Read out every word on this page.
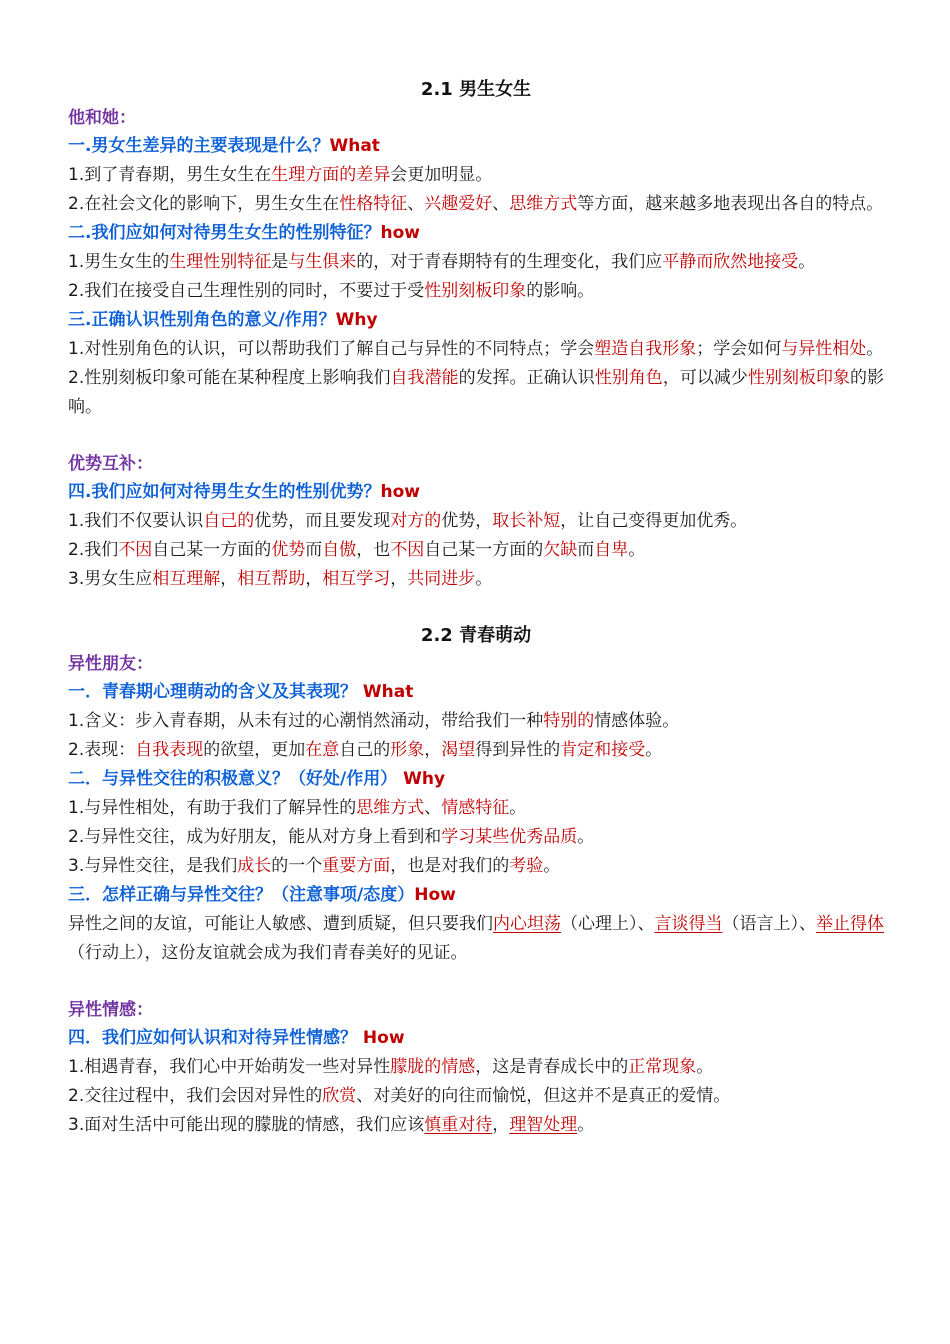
2.1 男生女生
他和她：
一.男女生差异的主要表现是什么？What
1.到了青春期，男生女生在生理方面的差异会更加明显。
2.在社会文化的影响下，男生女生在性格特征、兴趣爱好、思维方式等方面，越来越多地表现出各自的特点。
二.我们应如何对待男生女生的性别特征？how
1.男生女生的生理性别特征是与生俱来的，对于青春期特有的生理变化，我们应平静而欣然地接受。
2.我们在接受自己生理性别的同时，不要过于受性别刻板印象的影响。
三.正确认识性别角色的意义/作用？Why
1.对性别角色的认识，可以帮助我们了解自己与异性的不同特点；学会塑造自我形象；学会如何与异性相处。
2.性别刻板印象可能在某种程度上影响我们自我潜能的发挥。正确认识性别角色，可以减少性别刻板印象的影响。
优势互补：
四.我们应如何对待男生女生的性别优势？how
1.我们不仅要认识自己的优势，而且要发现对方的优势，取长补短，让自己变得更加优秀。
2.我们不因自己某一方面的优势而自傲，也不因自己某一方面的欠缺而自卑。
3.男女生应相互理解，相互帮助，相互学习，共同进步。
2.2 青春萌动
异性朋友：
一．青春期心理萌动的含义及其表现？ What
1.含义：步入青春期，从未有过的心潮悄然涌动，带给我们一种特别的情感体验。
2.表现：自我表现的欲望，更加在意自己的形象，渴望得到异性的肯定和接受。
二．与异性交往的积极意义？（好处/作用） Why
1.与异性相处，有助于我们了解异性的思维方式、情感特征。
2.与异性交往，成为好朋友，能从对方身上看到和学习某些优秀品质。
3.与异性交往，是我们成长的一个重要方面，也是对我们的考验。
三．怎样正确与异性交往？（注意事项/态度）How
异性之间的友谊，可能让人敏感、遭到质疑，但只要我们内心坦荡（心理上）、言谈得当（语言上）、举止得体（行动上），这份友谊就会成为我们青春美好的见证。
异性情感：
四．我们应如何认识和对待异性情感？ How
1.相遇青春，我们心中开始萌发一些对异性朦胧的情感，这是青春成长中的正常现象。
2.交往过程中，我们会因对异性的欣赏、对美好的向往而愉悦，但这并不是真正的爱情。
3.面对生活中可能出现的朦胧的情感，我们应该慎重对待，理智处理。
